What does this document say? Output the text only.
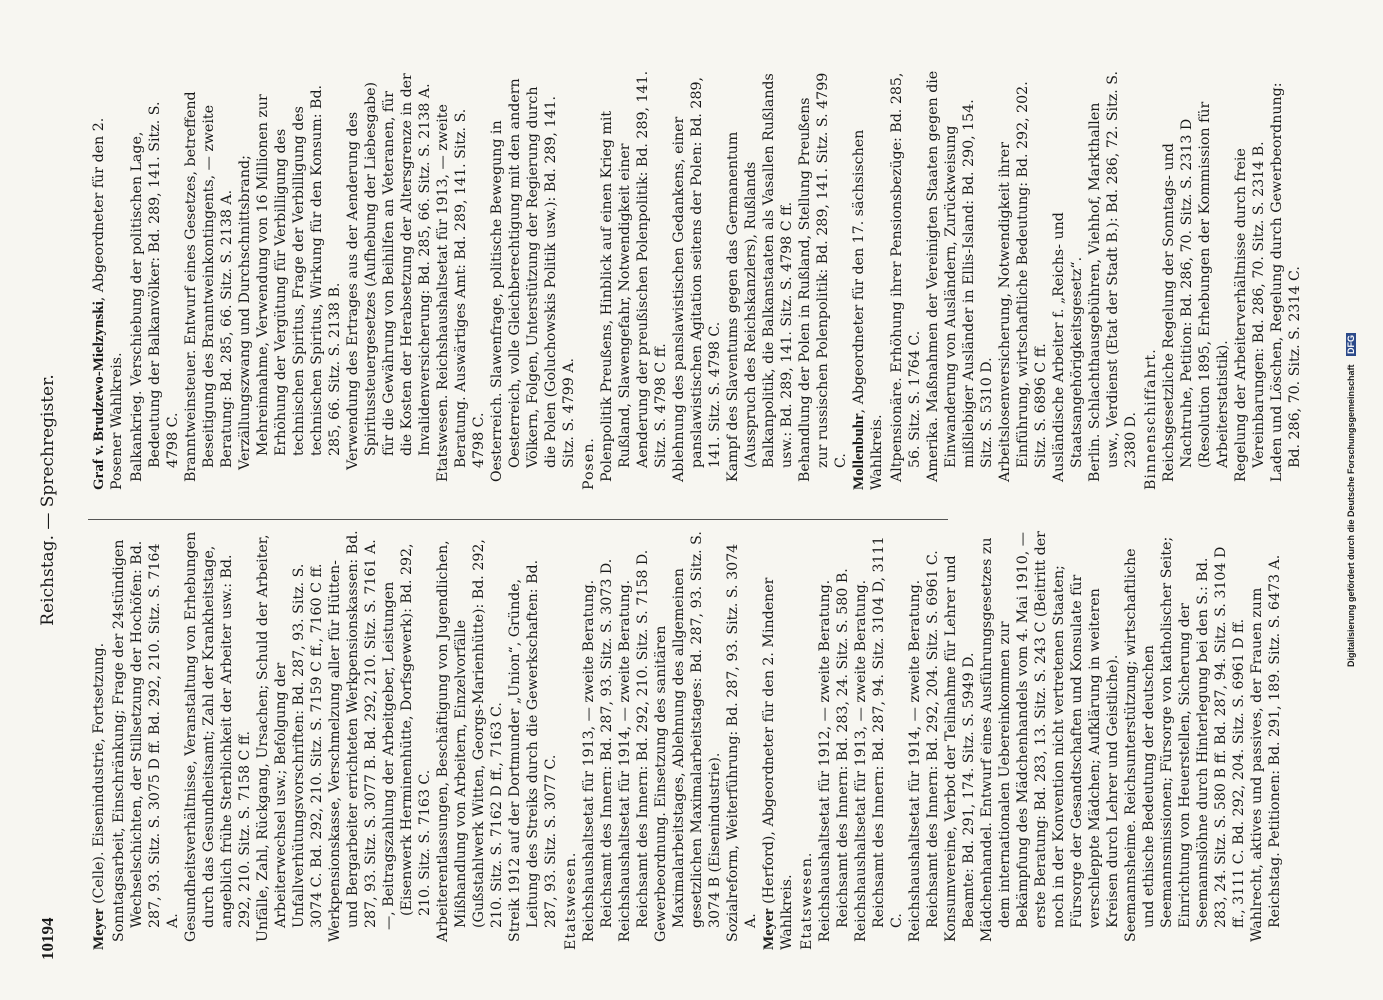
10194
Reichstag. — Sprechregister.

Meyer (Celle). Eisenindustrie, Fortsetzung. Sonntagsarbeit, Einschränkung; Frage der 24stündigen Wechselschichten, der Stillsetzung der Hochöfen: Bd. 287, 93. Sitz. S. 3075 D ff. Bd. 292, 210. Sitz. S. 7164 A. Gesundheitsverhältnisse, Veranstaltung von Erhebungen durch das Gesundheitsamt; Zahl der Krankheitstage, angeblich frühe Sterblichkeit der Arbeiter usw.: Bd. 292, 210. Sitz. S. 7158 C ff. Unfälle, Zahl, Rückgang, Ursachen; Schuld der Arbeiter, Arbeiterwechsel usw.; Befolgung der Unfallverhütungsvorschriften: Bd. 287, 93. Sitz. S. 3074 C. Bd. 292, 210. Sitz. S. 7159 C ff., 7160 C ff. Werkpensionskasse, Verschmelzung aller für Hütten- und Bergarbeiter errichteten Werkpensionskassen: Bd. 287, 93. Sitz. S. 3077 B. Bd. 292, 210. Sitz. S. 7161 A. —, Beitragszahlung der Arbeitgeber, Leistungen (Eisenwerk Herminenhütte, Dorfsgewerk): Bd. 292, 210. Sitz. S. 7163 C. Arbeiterentlassungen, Beschäftigung von Jugendlichen, Mißhandlung von Arbeitern, Einzelvorfälle (Gußstahlwerk Witten, Georgs-Marienhütte): Bd. 292, 210. Sitz. S. 7162 D ff., 7163 C. Streik 1912 auf der Dortmunder „Union“, Gründe, Leitung des Streiks durch die Gewerkschaften: Bd. 287, 93. Sitz. S. 3077 C. Etatswesen. Reichshaushaltsetat für 1913, — zweite Beratung. Reichsamt des Innern: Bd. 287, 93. Sitz. S. 3073 D. Reichshaushaltsetat für 1914, — zweite Beratung. Reichsamt des Innern: Bd. 292, 210. Sitz. S. 7158 D. Gewerbeordnung. Einsetzung des sanitären Maximalarbeitstages, Ablehnung des allgemeinen gesetzlichen Maximalarbeitstages: Bd. 287, 93. Sitz. S. 3074 B (Eisenindustrie). Sozialreform, Weiterführung: Bd. 287, 93. Sitz. S. 3074 A. Meyer (Herford), Abgeordneter für den 2. Mindener Wahlkreis. Etatswesen. Reichshaushaltsetat für 1912, — zweite Beratung. Reichsamt des Innern: Bd. 283, 24. Sitz. S. 580 B. Reichshaushaltsetat für 1913, — zweite Beratung. Reichsamt des Innern: Bd. 287, 94. Sitz. 3104 D, 3111 C. Reichshaushaltsetat für 1914, — zweite Beratung. Reichsamt des Innern: Bd. 292, 204. Sitz. S. 6961 C. Konsumvereine, Verbot der Teilnahme für Lehrer und Beamte: Bd. 291, 174. Sitz. S. 5949 D. Mädchenhandel. Entwurf eines Ausführungsgesetzes zu dem internationalen Uebereinkommen zur Bekämpfung des Mädchenhandels vom 4. Mai 1910, — erste Beratung: Bd. 283, 13. Sitz. S. 243 C (Beitritt der noch in der Konvention nicht vertretenen Staaten; Fürsorge der Gesandtschaften und Konsulate für verschleppte Mädchen; Aufklärung in weiteren Kreisen durch Lehrer und Geistliche). Seemannsheime. Reichsunterstützung; wirtschaftliche und ethische Bedeutung der deutschen Seemannsmissionen; Fürsorge von katholischer Seite; Einrichtung von Heuerstellen, Sicherung der Seemannslöhne durch Hinterlegung bei den S.: Bd. 283, 24. Sitz. S. 580 B ff. Bd. 287, 94. Sitz. S. 3104 D ff., 3111 C. Bd. 292, 204. Sitz. S. 6961 D ff. Wahlrecht, aktives und passives, der Frauen zum Reichstag. Petitionen: Bd. 291, 189. Sitz. S. 6473 A.

Graf v. Brudzewo-Mielzynski, Abgeordneter für den 2. Posener Wahlkreis. Balkankrieg. Verschiebung der politischen Lage, Bedeutung der Balkanvölker: Bd. 289, 141. Sitz. S. 4798 C. Branntweinsteuer. Entwurf eines Gesetzes, betreffend Beseitigung des Branntweinkontingents, — zweite Beratung: Bd. 285, 66. Sitz. S. 2138 A. Verzällungszwang und Durchschnittsbrand; Mehreinnahme, Verwendung von 16 Millionen zur Erhöhung der Vergütung für Verbilligung des technischen Spiritus, Frage der Verbilligung des technischen Spiritus, Wirkung für den Konsum: Bd. 285, 66. Sitz. S. 2138 B. Verwendung des Ertrages aus der Aenderung des Spiritussteuergesetzes (Aufhebung der Liebesgabe) für die Gewährung von Beihilfen an Veteranen, für die Kosten der Herabsetzung der Altersgrenze in der Invalidenversicherung: Bd. 285, 66. Sitz. S. 2138 A. Etatswesen. Reichshaushaltsetat für 1913, — zweite Beratung. Auswärtiges Amt: Bd. 289, 141. Sitz. S. 4798 C. Oesterreich. Slawenfrage, politische Bewegung in Oesterreich, volle Gleichberechtigung mit den andern Völkern, Folgen, Unterstützung der Regierung durch die Polen (Goluchowskis Politik usw.): Bd. 289, 141. Sitz. S. 4799 A. Posen. Polenpolitik Preußens, Hinblick auf einen Krieg mit Rußland, Slawengefahr, Notwendigkeit einer Aenderung der preußischen Polenpolitik: Bd. 289, 141. Sitz. S. 4798 C ff. Ablehnung des panslawistischen Gedankens, einer panslawistischen Agitation seitens der Polen: Bd. 289, 141. Sitz. S. 4798 C. Kampf des Slaventums gegen das Germanentum (Ausspruch des Reichskanzlers), Rußlands Balkanpolitik, die Balkanstaaten als Vasallen Rußlands usw.: Bd. 289, 141. Sitz. S. 4798 C ff. Behandlung der Polen in Rußland, Stellung Preußens zur russischen Polenpolitik: Bd. 289, 141. Sitz. S. 4799 C. Mollenbuhr, Abgeordneter für den 17. sächsischen Wahlkreis. Altpensionäre. Erhöhung ihrer Pensionsbezüge: Bd. 285, 56. Sitz. S. 1764 C. Amerika. Maßnahmen der Vereinigten Staaten gegen die Einwanderung von Ausländern, Zurückweisung mißliebiger Ausländer in Ellis-Island: Bd. 290, 154. Sitz. S. 5310 D. Arbeitslosenversicherung, Notwendigkeit ihrer Einführung, wirtschaftliche Bedeutung: Bd. 292, 202. Sitz. S. 6896 C ff. Ausländische Arbeiter f. „Reichs- und Staatsangehörigkeitsgesetz“. Berlin. Schlachthausgebühren, Viehhof, Markthallen usw., Verdienst (Etat der Stadt B.): Bd. 286, 72. Sitz. S. 2380 D. Binnenschiffahrt. Reichsgesetzliche Regelung der Sonntags- und Nachtruhe, Petition: Bd. 286, 70. Sitz. S. 2313 D (Resolution 1895, Erhebungen der Kommission für Arbeiterstatistik). Regelung der Arbeiterverhältnisse durch freie Vereinbarungen: Bd. 286, 70. Sitz. S. 2314 B. Laden und Löschen, Regelung durch Gewerbeordnung: Bd. 286, 70. Sitz. S. 2314 C.	Digitalisierung gefördert durch die Deutsche Forschungsgemeinschaft DFG
